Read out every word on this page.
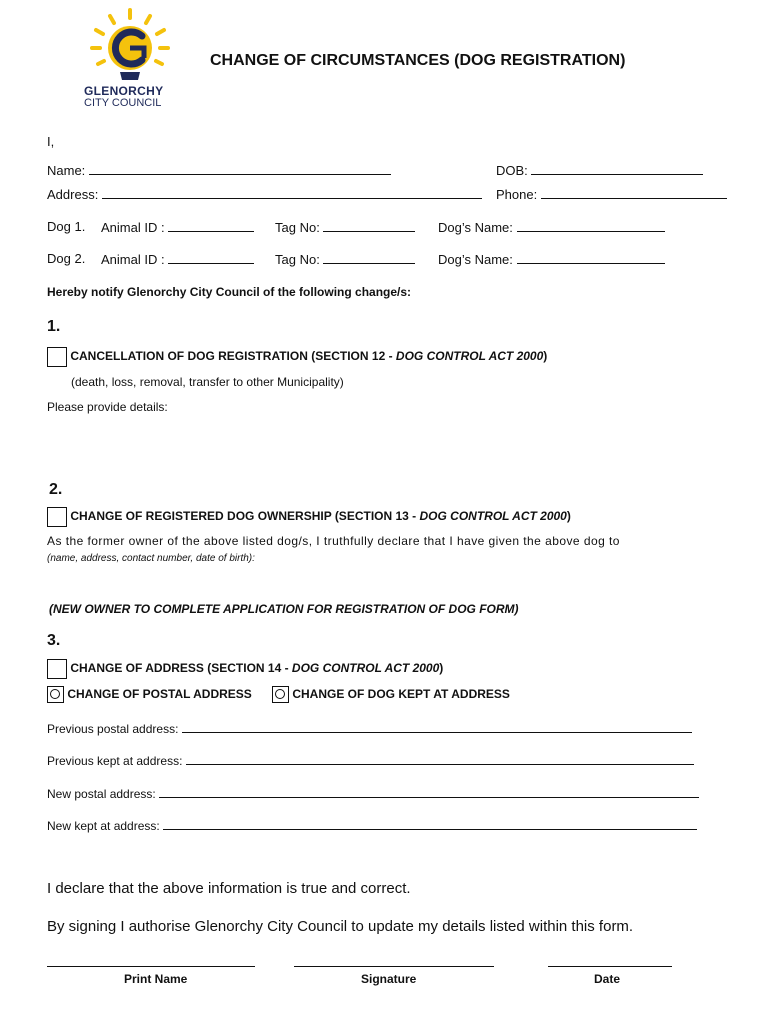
GLENORCHY
CITY COUNCIL
CHANGE OF CIRCUMSTANCES (DOG REGISTRATION)
I,
Name:	DOB:
Address:	Phone:
Dog 1. Animal ID :	Tag No:	Dog’s Name:
Dog 2. Animal ID :	Tag No:	Dog’s Name:
Hereby notify Glenorchy City Council of the following change/s:
1.
CANCELLATION OF DOG REGISTRATION (SECTION 12 - DOG CONTROL ACT 2000)
(death, loss, removal, transfer to other Municipality)
Please provide details:
2.
CHANGE OF REGISTERED DOG OWNERSHIP (SECTION 13 - DOG CONTROL ACT 2000)
As the former owner of the above listed dog/s, I truthfully declare that I have given the above dog to
(name, address, contact number, date of birth):
(NEW OWNER TO COMPLETE APPLICATION FOR REGISTRATION OF DOG FORM)
3.
CHANGE OF ADDRESS (SECTION 14 - DOG CONTROL ACT 2000)
CHANGE OF POSTAL ADDRESS	CHANGE OF DOG KEPT AT ADDRESS
Previous postal address:
Previous kept at address:
New postal address:
New kept at address:
I declare that the above information is true and correct.
By signing I authorise Glenorchy City Council to update my details listed within this form.
Print Name	Signature	Date
